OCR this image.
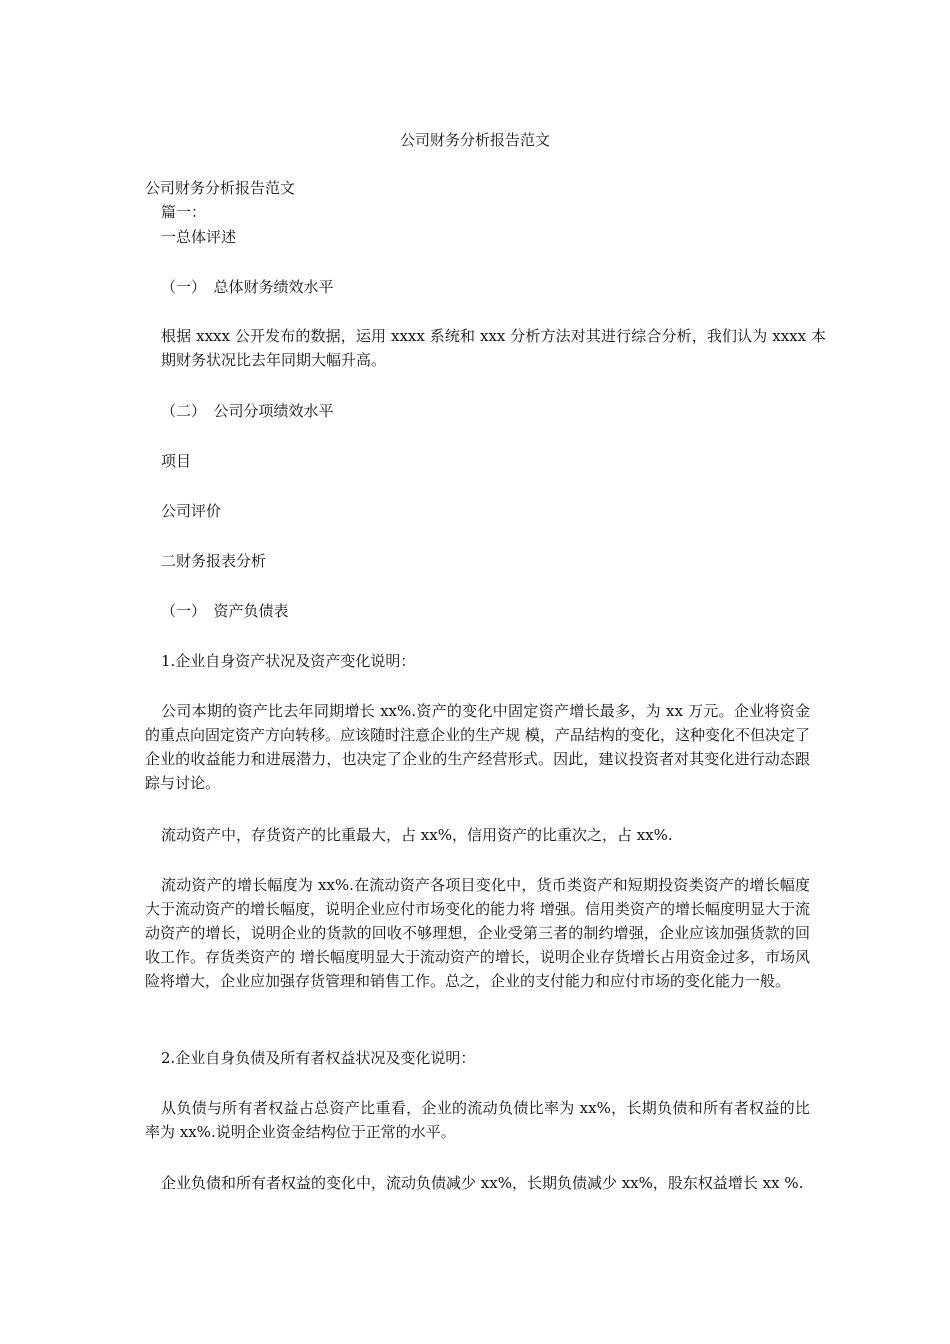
公司财务分析报告范文

公司财务分析报告范文

篇一：

一总体评述

（一）　总体财务绩效水平

根据 xxxx 公开发布的数据，运用 xxxx 系统和 xxx 分析方法对其进行综合分析，我们认为 xxxx 本期财务状况比去年同期大幅升高。

（二）　公司分项绩效水平

项目

公司评价

二财务报表分析

（一）　资产负债表

1.企业自身资产状况及资产变化说明：

公司本期的资产比去年同期增长 xx%.资产的变化中固定资产增长最多，为 xx 万元。企业将资金的重点向固定资产方向转移。应该随时注意企业的生产规 模，产品结构的变化，这种变化不但决定了企业的收益能力和进展潜力，也决定了企业的生产经营形式。因此，建议投资者对其变化进行动态跟踪与讨论。

流动资产中，存货资产的比重最大，占 xx%，信用资产的比重次之，占 xx%.

流动资产的增长幅度为 xx%.在流动资产各项目变化中，货币类资产和短期投资类资产的增长幅度大于流动资产的增长幅度，说明企业应付市场变化的能力将 增强。信用类资产的增长幅度明显大于流动资产的增长，说明企业的货款的回收不够理想，企业受第三者的制约增强，企业应该加强货款的回收工作。存货类资产的 增长幅度明显大于流动资产的增长，说明企业存货增长占用资金过多，市场风险将增大，企业应加强存货管理和销售工作。总之，企业的支付能力和应付市场的变化能力一般。

2.企业自身负债及所有者权益状况及变化说明：

从负债与所有者权益占总资产比重看，企业的流动负债比率为 xx%，长期负债和所有者权益的比率为 xx%.说明企业资金结构位于正常的水平。

企业负债和所有者权益的变化中，流动负债减少 xx%，长期负债减少 xx%，股东权益增长 xx %.
